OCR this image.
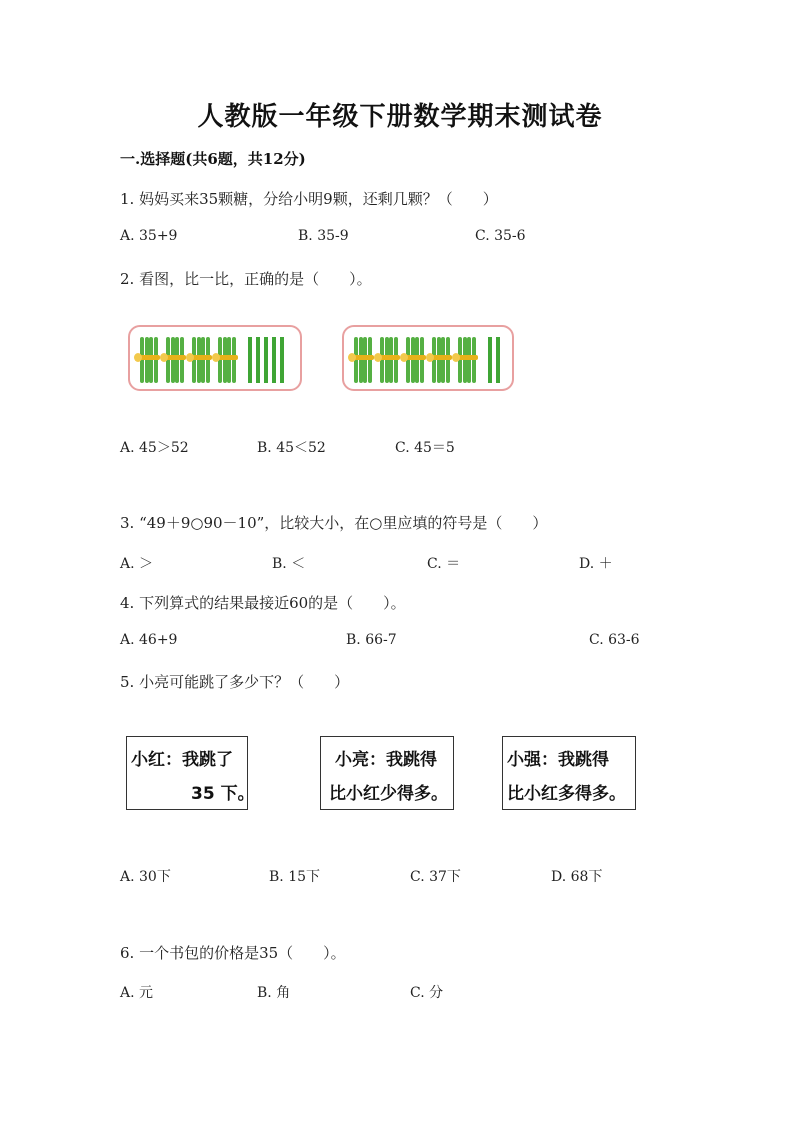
人教版一年级下册数学期末测试卷
一.选择题(共6题，共12分)
1. 妈妈买来35颗糖，分给小明9颗，还剩几颗？（　　）
A. 35+9	B. 35-9	C. 35-6
2. 看图，比一比，正确的是（　　）。
A. 45＞52	B. 45＜52	C. 45＝5
3. “49＋9○90－10”，比较大小，在○里应填的符号是（　　）
A. ＞	B. ＜	C. ＝	D. ＋
4. 下列算式的结果最接近60的是（　　）。
A. 46+9	B. 66-7	C. 63-6
5. 小亮可能跳了多少下？（　　）
小红：我跳了
35 下。
小亮：我跳得
比小红少得多。
小强：我跳得
比小红多得多。
A. 30下	B. 15下	C. 37下	D. 68下
6. 一个书包的价格是35（　　）。
A. 元	B. 角	C. 分
